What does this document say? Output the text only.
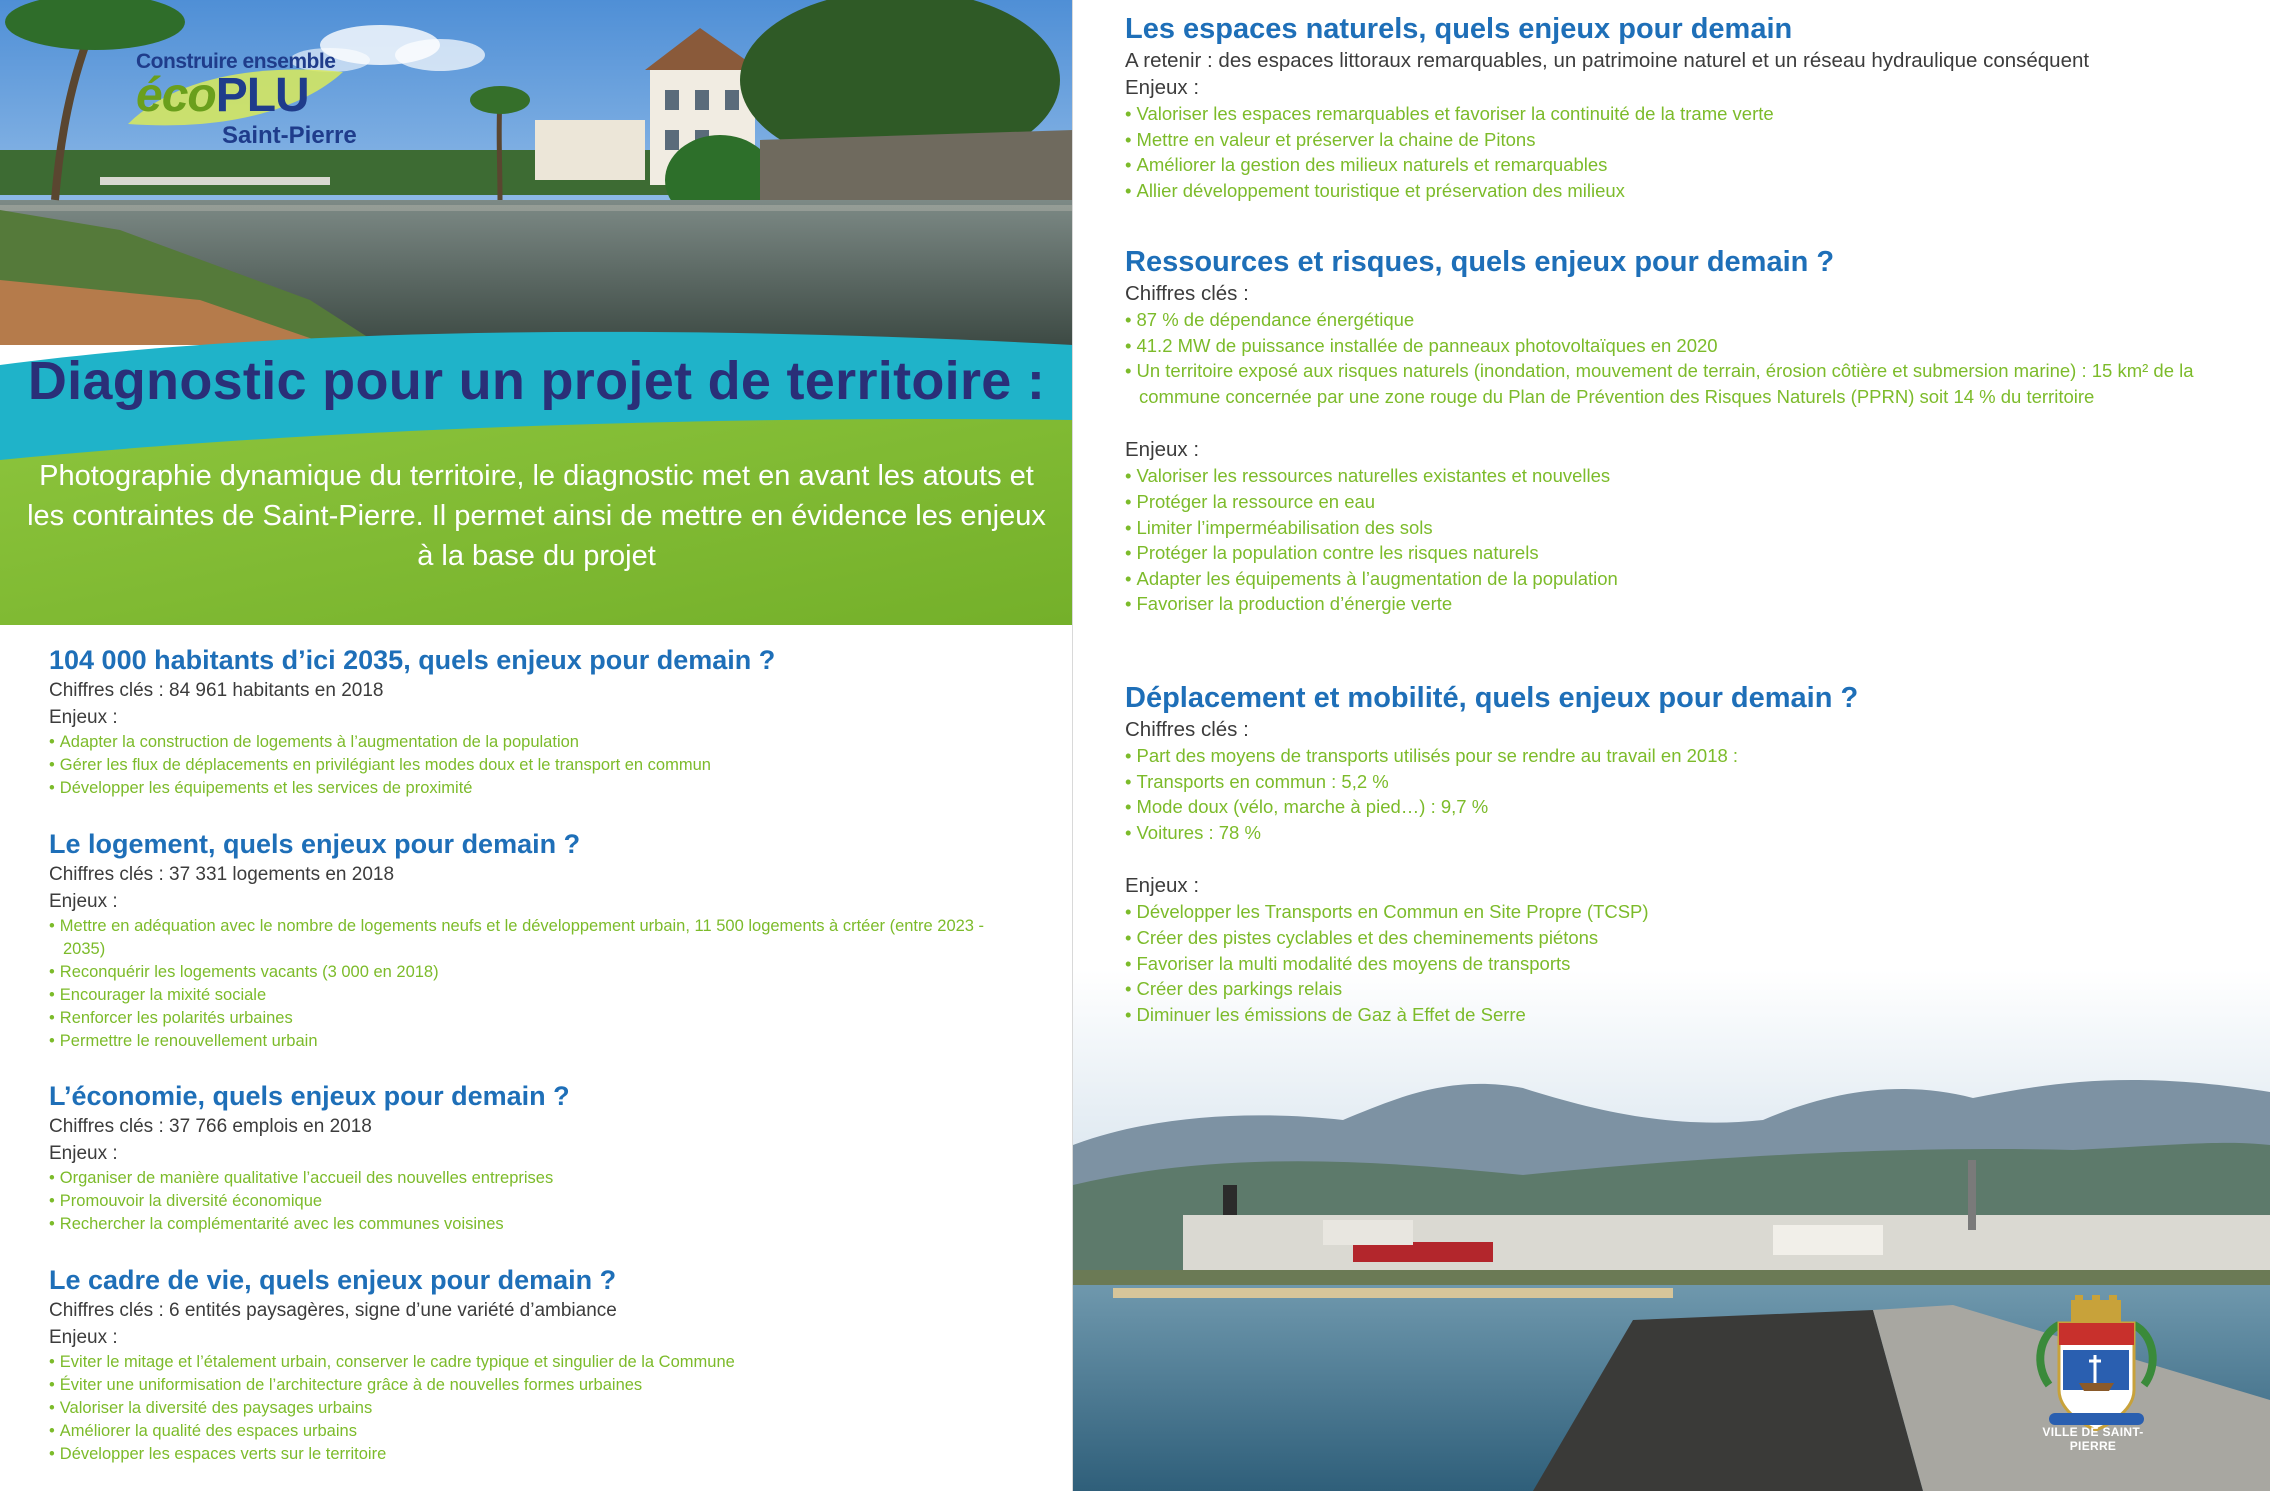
Construire ensemble
écoPLU
Saint-Pierre
Diagnostic pour un projet de territoire :
Photographie dynamique du territoire, le diagnostic met en avant les atouts et les contraintes de Saint-Pierre. Il permet ainsi de mettre en évidence les enjeux à la base du projet
104 000 habitants d’ici 2035, quels enjeux pour demain ?

Chiffres clés : 84 961 habitants en 2018

Enjeux :

• Adapter la construction de logements à l’augmentation de la population
• Gérer les flux de déplacements en privilégiant les modes doux et le transport en commun
• Développer les équipements et les services de proximité
Le logement, quels enjeux pour demain ?

Chiffres clés : 37 331 logements en 2018

Enjeux :

• Mettre en adéquation avec le nombre de logements neufs et le développement urbain, 11 500 logements à crtéer (entre 2023 - 2035)
• Reconquérir les logements vacants (3 000 en 2018)
• Encourager la mixité sociale
• Renforcer les polarités urbaines
• Permettre le renouvellement urbain
L’économie, quels enjeux pour demain ?

Chiffres clés : 37 766 emplois en 2018

Enjeux :

• Organiser de manière qualitative l’accueil des nouvelles entreprises
• Promouvoir la diversité économique
• Rechercher la complémentarité avec les communes voisines
Le cadre de vie, quels enjeux pour demain ?

Chiffres clés : 6 entités paysagères, signe d’une variété d’ambiance

Enjeux :

• Eviter le mitage et l’étalement urbain, conserver le cadre typique et singulier de la Commune
• Éviter une uniformisation de l’architecture grâce à de nouvelles formes urbaines
• Valoriser la diversité des paysages urbains
• Améliorer la qualité des espaces urbains
• Développer les espaces verts sur le territoire
VILLE DE SAINT-PIERRE
Les espaces naturels, quels enjeux pour demain

A retenir : des espaces littoraux remarquables, un patrimoine naturel et un réseau hydraulique conséquent

Enjeux :

• Valoriser les espaces remarquables et favoriser la continuité de la trame verte
• Mettre en valeur et préserver la chaine de Pitons
• Améliorer la gestion des milieux naturels et remarquables
• Allier développement touristique et préservation des milieux
Ressources et risques, quels enjeux pour demain ?

Chiffres clés :

• 87 % de dépendance énergétique
• 41.2 MW de puissance installée de panneaux photovoltaïques en 2020
• Un territoire exposé aux risques naturels (inondation, mouvement de terrain, érosion côtière et submersion marine) : 15 km² de la commune concernée par une zone rouge du Plan de Prévention des Risques Naturels (PPRN) soit 14 % du territoire

Enjeux :

• Valoriser les ressources naturelles existantes et nouvelles
• Protéger la ressource en eau
• Limiter l’imperméabilisation des sols
• Protéger la population contre les risques naturels
• Adapter les équipements à l’augmentation de la population
• Favoriser la production d’énergie verte
Déplacement et mobilité, quels enjeux pour demain ?

Chiffres clés :

• Part des moyens de transports utilisés pour se rendre au travail en 2018 :
• Transports en commun : 5,2 %
• Mode doux (vélo, marche à pied…) : 9,7 %
• Voitures : 78 %

Enjeux :

• Développer les Transports en Commun en Site Propre (TCSP)
• Créer des pistes cyclables et des cheminements piétons
• Favoriser la multi modalité des moyens de transports
• Créer des parkings relais
• Diminuer les émissions de Gaz à Effet de Serre
